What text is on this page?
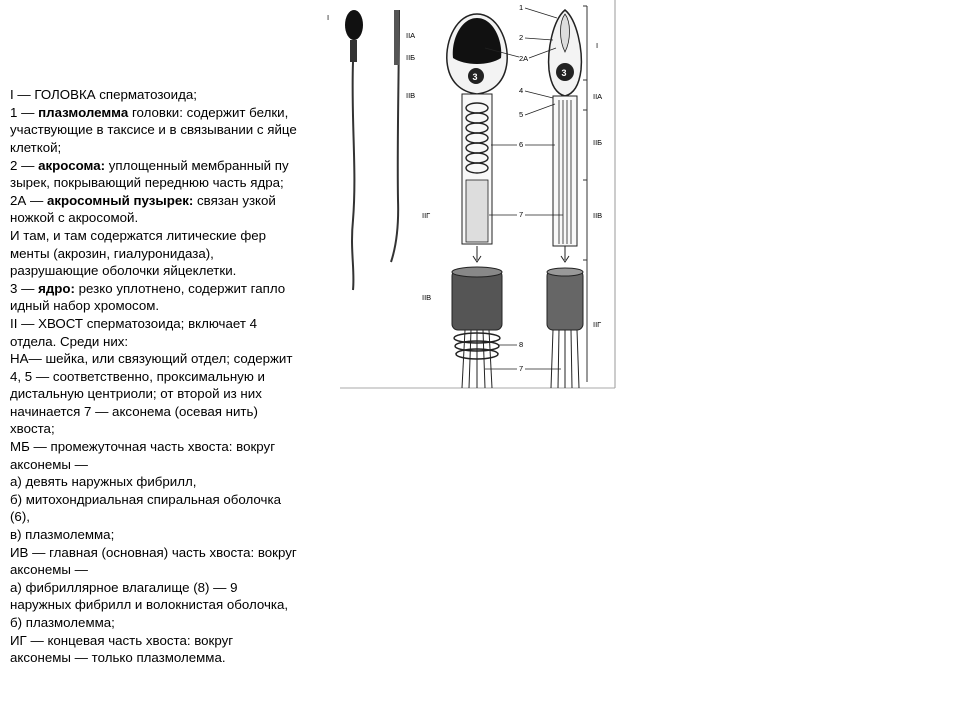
I — ГОЛОВКА сперматозоида;
1 — плазмолемма головки: содержит белки,
участвующие в таксисе и в связывании с яйце
клеткой;
2 — акросома: уплощенный мембранный пу
зырек, покрывающий переднюю часть ядра;
2А — акросомный пузырек: связан узкой
ножкой с акросомой.
И там, и там содержатся литические фер
менты (акрозин, гиалуронидаза),
разрушающие оболочки яйцеклетки.
3 — ядро: резко уплотнено, содержит гапло
идный набор хромосом.
II — ХВОСТ сперматозоида; включает 4
отдела. Среди них:
НА— шейка, или связующий отдел; содержит
4, 5 — соответственно, проксимальную и
дистальную центриоли; от второй из них
начинается 7 — аксонема (осевая нить)
хвоста;
МБ — промежуточная часть хвоста: вокруг
аксонемы —
а) девять наружных фибрилл,
б) митохондриальная спиральная оболочка
(6),
в) плазмолемма;
ИВ — главная (основная) часть хвоста: вокруг
аксонемы —
а) фибриллярное влагалище (8) — 9
наружных фибрилл и волокнистая оболочка,
б) плазмолемма;
ИГ — концевая часть хвоста: вокруг
аксонемы — только плазмолемма.
I
IIA
IIБ
IIВ
IIГ
IIВ
3	3
1
2
2A
4
5
6
7
8
7
I
IIA
IIБ
IIВ
IIГ
